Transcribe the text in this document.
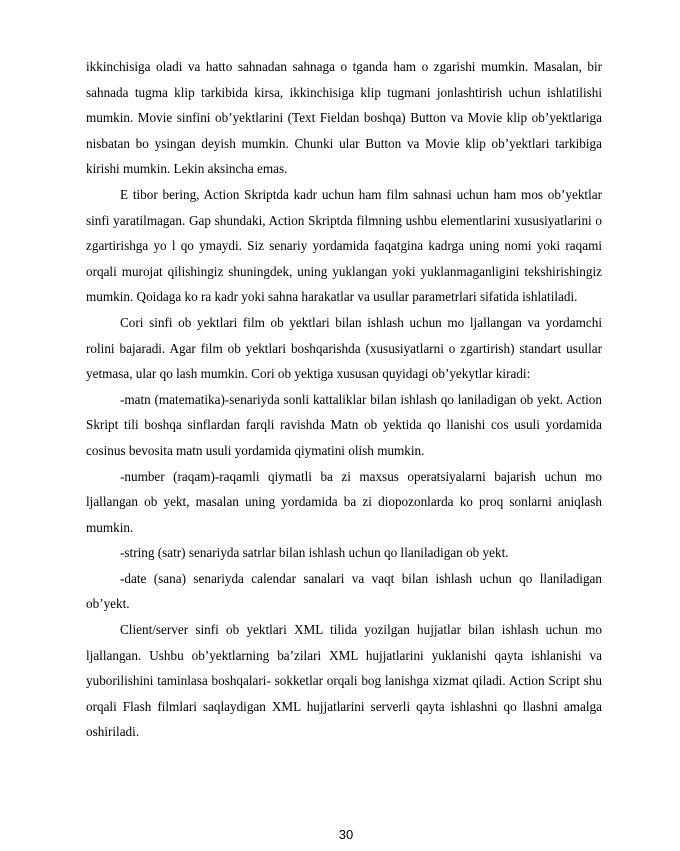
ikkinchisiga oladi va hatto sahnadan sahnaga o tganda ham o zgarishi mumkin. Masalan, bir sahnada tugma klip tarkibida kirsa, ikkinchisiga klip tugmani jonlashtirish uchun ishlatilishi mumkin. Movie sinfini ob’yektlarini (Text Fieldan boshqa) Button va Movie klip ob’yektlariga nisbatan bo ysingan deyish mumkin. Chunki ular Button va Movie klip ob’yektlari tarkibiga kirishi mumkin. Lekin aksincha emas.

E tibor bering, Action Skriptda kadr uchun ham film sahnasi uchun ham mos ob’yektlar sinfi yaratilmagan. Gap shundaki, Action Skriptda filmning ushbu elementlarini xususiyatlarini o zgartirishga yo l qo ymaydi. Siz senariy yordamida faqatgina kadrga uning nomi yoki raqami orqali murojat qilishingiz shuningdek, uning yuklangan yoki yuklanmaganligini tekshirishingiz mumkin. Qoidaga ko ra kadr yoki sahna harakatlar va usullar parametrlari sifatida ishlatiladi.

Cori sinfi ob yektlari film ob yektlari bilan ishlash uchun mo ljallangan va yordamchi rolini bajaradi. Agar film ob yektlari boshqarishda (xususiyatlarni o zgartirish) standart usullar yetmasa, ular qo lash mumkin. Cori ob yektiga xususan quyidagi ob’yekytlar kiradi:

-matn (matematika)-senariyda sonli kattaliklar bilan ishlash qo laniladigan ob yekt. Action Skript tili boshqa sinflardan farqli ravishda Matn ob yektida qo llanishi cos usuli yordamida cosinus bevosita matn usuli yordamida qiymatini olish mumkin.

-number (raqam)-raqamli qiymatli ba zi maxsus operatsiyalarni bajarish uchun mo ljallangan ob yekt, masalan uning yordamida ba zi diopozonlarda ko proq sonlarni aniqlash mumkin.

-string (satr) senariyda satrlar bilan ishlash uchun qo llaniladigan ob yekt.

-date (sana) senariyda calendar sanalari va vaqt bilan ishlash uchun qo llaniladigan ob’yekt.

Client/server sinfi ob yektlari XML tilida yozilgan hujjatlar bilan ishlash uchun mo ljallangan. Ushbu ob’yektlarning ba’zilari XML hujjatlarini yuklanishi qayta ishlanishi va yuborilishini taminlasa boshqalari- sokketlar orqali bog lanishga xizmat qiladi. Action Script shu orqali Flash filmlari saqlaydigan XML hujjatlarini serverli qayta ishlashni qo llashni amalga oshiriladi.

30
